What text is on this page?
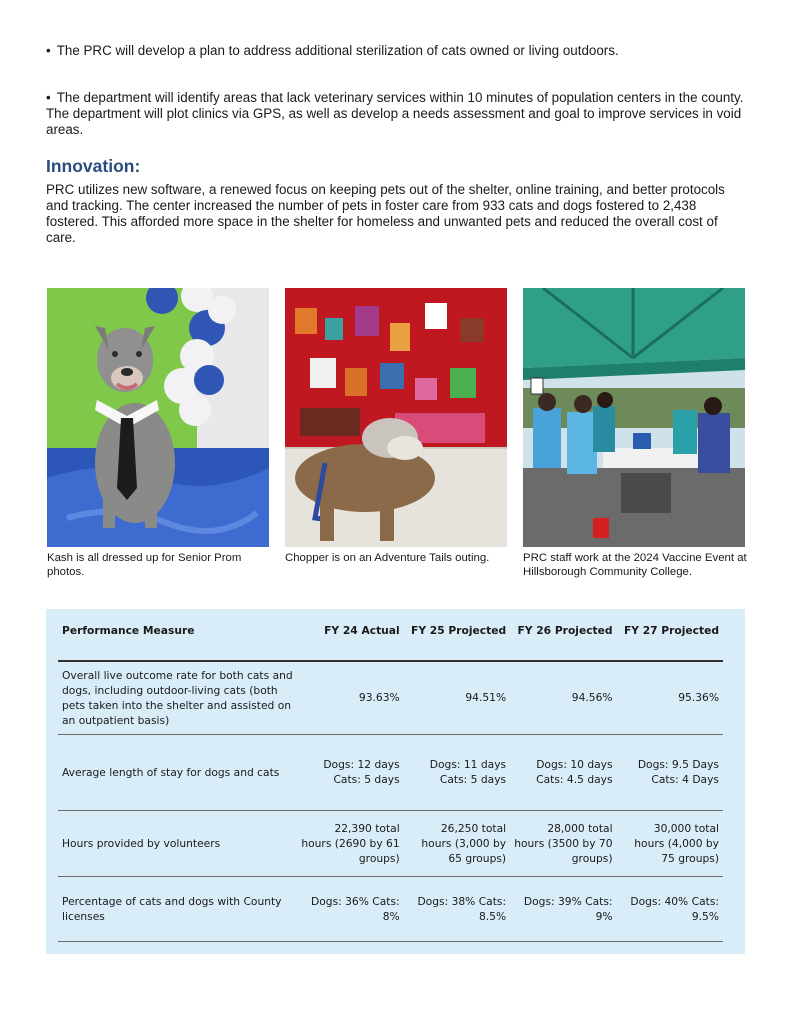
• The PRC will develop a plan to address additional sterilization of cats owned or living outdoors.
• The department will identify areas that lack veterinary services within 10 minutes of population centers in the county. The department will plot clinics via GPS, as well as develop a needs assessment and goal to improve services in void areas.
Innovation:
PRC utilizes new software, a renewed focus on keeping pets out of the shelter, online training, and better protocols and tracking. The center increased the number of pets in foster care from 933 cats and dogs fostered to 2,438 fostered. This afforded more space in the shelter for homeless and unwanted pets and reduced the overall cost of care.
Kash is all dressed up for Senior Prom photos.
Chopper is on an Adventure Tails outing.	PRC staff work at the 2024 Vaccine Event at Hillsborough Community College.
Performance Measure	FY 24 Actual	FY 25 Projected	FY 26 Projected	FY 27 Projected
Overall live outcome rate for both cats and dogs, including outdoor-living cats (both pets taken into the shelter and assisted on an outpatient basis)	93.63%	94.51%	94.56%	95.36%
Average length of stay for dogs and cats	Dogs: 12 days Cats: 5 days	Dogs: 11 days Cats: 5 days	Dogs: 10 days Cats: 4.5 days	Dogs: 9.5 Days Cats: 4 Days
Hours provided by volunteers	22,390 total hours (2690 by 61 groups)	26,250 total hours (3,000 by 65 groups)	28,000 total hours (3500 by 70 groups)	30,000 total hours (4,000 by 75 groups)
Percentage of cats and dogs with County licenses	Dogs: 36% Cats: 8%	Dogs: 38% Cats: 8.5%	Dogs: 39% Cats: 9%	Dogs: 40% Cats: 9.5%
